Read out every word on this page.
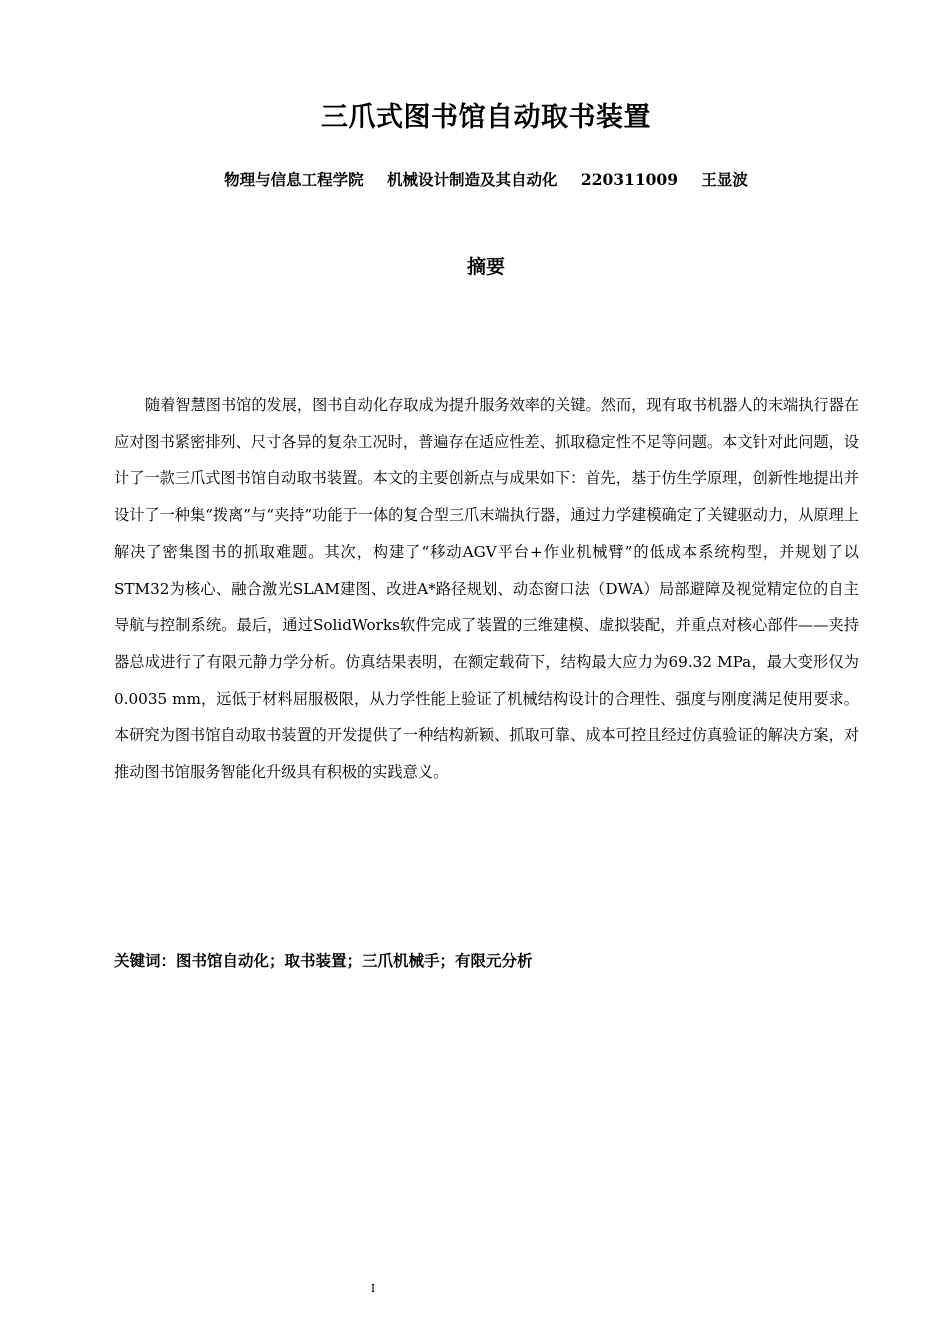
三爪式图书馆自动取书装置
物理与信息工程学院 机械设计制造及其自动化 220311009 王显波
摘要

随着智慧图书馆的发展，图书自动化存取成为提升服务效率的关键。然而，现有取书机器人的末端执行器在应对图书紧密排列、尺寸各异的复杂工况时，普遍存在适应性差、抓取稳定性不足等问题。本文针对此问题，设计了一款三爪式图书馆自动取书装置。本文的主要创新点与成果如下：首先，基于仿生学原理，创新性地提出并设计了一种集“拨离”与“夹持”功能于一体的复合型三爪末端执行器，通过力学建模确定了关键驱动力，从原理上解决了密集图书的抓取难题。其次，构建了“移动AGV平台+作业机械臂”的低成本系统构型，并规划了以STM32为核心、融合激光SLAM建图、改进A*路径规划、动态窗口法（DWA）局部避障及视觉精定位的自主导航与控制系统。最后，通过SolidWorks软件完成了装置的三维建模、虚拟装配，并重点对核心部件——夹持器总成进行了有限元静力学分析。仿真结果表明，在额定载荷下，结构最大应力为69.32 MPa，最大变形仅为0.0035 mm，远低于材料屈服极限，从力学性能上验证了机械结构设计的合理性、强度与刚度满足使用要求。本研究为图书馆自动取书装置的开发提供了一种结构新颖、抓取可靠、成本可控且经过仿真验证的解决方案，对推动图书馆服务智能化升级具有积极的实践意义。

关键词：图书馆自动化；取书装置；三爪机械手；有限元分析
I
